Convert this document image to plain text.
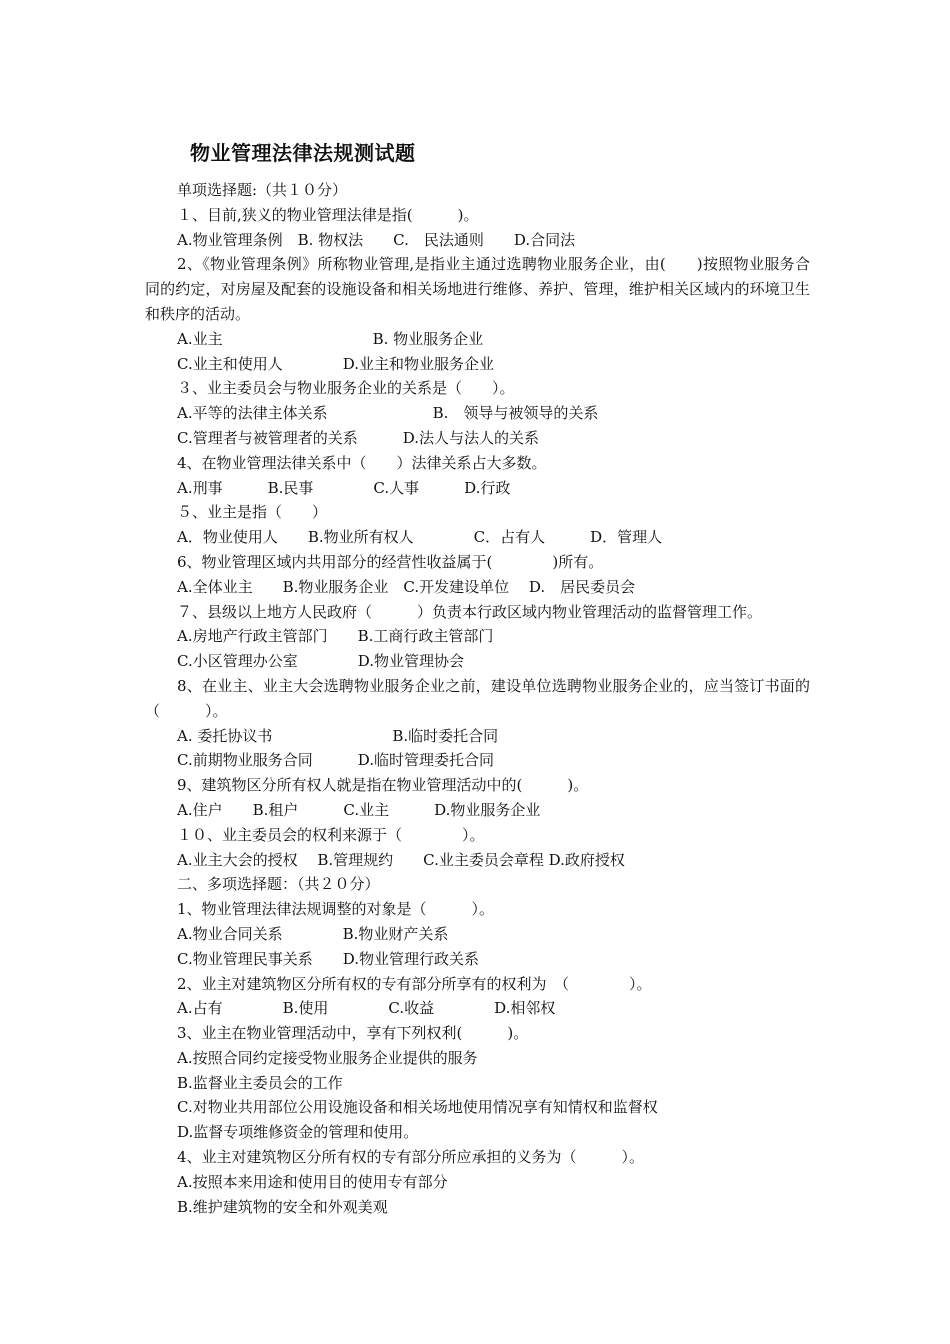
物业管理法律法规测试题
单项选择题:（共１０分）
１、目前,狭义的物业管理法律是指(　　　)。
A.物业管理条例　B. 物权法　　C.　民法通则　　D.合同法
2、《物业管理条例》所称物业管理,是指业主通过选聘物业服务企业，由(　　)按照物业服务合同的约定，对房屋及配套的设施设备和相关场地进行维修、养护、管理，维护相关区域内的环境卫生和秩序的活动。
A.业主　　　　　　　　　　B. 物业服务企业
C.业主和使用人　　　　D.业主和物业服务企业
３、业主委员会与物业服务企业的关系是（　　）。
A.平等的法律主体关系　　　　　　　B.　领导与被领导的关系
C.管理者与被管理者的关系　　　D.法人与法人的关系
4、在物业管理法律关系中（　　）法律关系占大多数。
A.刑事　　　B.民事　　　　C.人事　　　D.行政
５、业主是指（　　）
A．物业使用人　　B.物业所有权人　　　　C．占有人　　　D．管理人
6、物业管理区域内共用部分的经营性收益属于(　　　　)所有。
A.全体业主　　B.物业服务企业　C.开发建设单位　 D.　居民委员会
７、县级以上地方人民政府（　　　）负责本行政区域内物业管理活动的监督管理工作。
A.房地产行政主管部门　　B.工商行政主管部门
C.小区管理办公室　　　　D.物业管理协会
8、在业主、业主大会选聘物业服务企业之前，建设单位选聘物业服务企业的，应当签订书面的（　　　）。
A. 委托协议书　　　　　　　　B.临时委托合同
C.前期物业服务合同　　　D.临时管理委托合同
9、建筑物区分所有权人就是指在物业管理活动中的(　　　)。
A.住户　　B.租户　　　C.业主　　　D.物业服务企业
１０、业主委员会的权利来源于（　　　　）。
A.业主大会的授权　 B.管理规约　　C.业主委员会章程 D.政府授权
二、多项选择题：（共２０分）
1、物业管理法律法规调整的对象是（　　　）。
A.物业合同关系　　　　B.物业财产关系
C.物业管理民事关系　　D.物业管理行政关系
2、业主对建筑物区分所有权的专有部分所享有的权利为　（　　　　）。
A.占有　　　　B.使用　　　　C.收益　　　　D.相邻权
3、业主在物业管理活动中，享有下列权利(　　　)。
A.按照合同约定接受物业服务企业提供的服务
B.监督业主委员会的工作
C.对物业共用部位公用设施设备和相关场地使用情况享有知情权和监督权
D.监督专项维修资金的管理和使用。
4、业主对建筑物区分所有权的专有部分所应承担的义务为（　　　）。
A.按照本来用途和使用目的使用专有部分
B.维护建筑物的安全和外观美观
